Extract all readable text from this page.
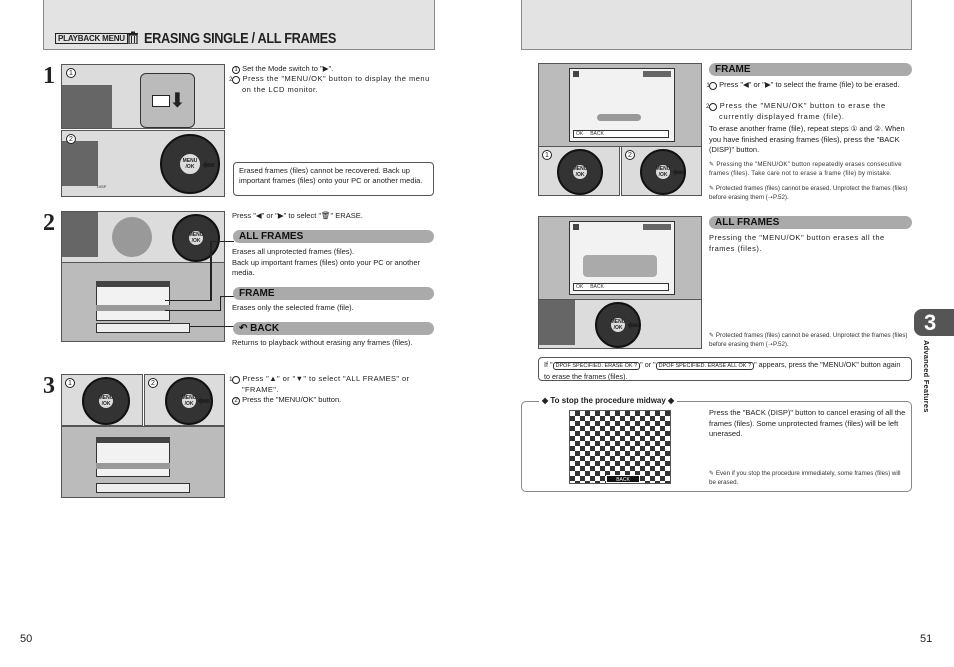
PLAYBACK MENU ERASING SINGLE / ALL FRAMES
1
⬇
1
MENU /OK ⬅
2
DISP
1 Set the Mode switch to "▶".
2 Press the "MENU/OK" button to display the menu on the LCD monitor.
Erased frames (files) cannot be recovered. Back up important frames (files) onto your PC or another media.
2	MENU /OK
Press "◀" or "▶" to select "🗑" ERASE.
ALL FRAMES
Erases all unprotected frames (files).
Back up important frames (files) onto your PC or another media.
FRAME
Erases only the selected frame (file).
↶ BACK
Returns to playback without erasing any frames (files).
3	MENU /OK
1
MENU /OK ⬅
2	1 Press "▲" or "▼" to select "ALL FRAMES" or "FRAME".
2 Press the "MENU/OK" button.
50
OK BACK
MENU /OK
1
MENU /OK ⬅
2
FRAME
1 Press "◀" or "▶" to select the frame (file) to be erased.
2 Press the "MENU/OK" button to erase the currently displayed frame (file).
To erase another frame (file), repeat steps ① and ②. When you have finished erasing frames (files), press the "BACK (DISP)" button.
✎ Pressing the "MENU/OK" button repeatedly erases consecutive frames (files). Take care not to erase a frame (file) by mistake.
✎ Protected frames (files) cannot be erased. Unprotect the frames (files) before erasing them (➝P.52).
OK BACK
MENU /OK ⬅
ALL FRAMES
Pressing the "MENU/OK" button erases all the frames (files).
✎ Protected frames (files) cannot be erased. Unprotect the frames (files) before erasing them (➝P.52).
If " DPOF SPECIFIED. ERASE OK ? " or " DPOF SPECIFIED. ERASE ALL OK ? " appears, press the "MENU/OK" button again to erase the frames (files).
◆ To stop the procedure midway ◆
BACK
Press the "BACK (DISP)" button to cancel erasing of all the frames (files). Some unprotected frames (files) will be left unerased.
✎ Even if you stop the procedure immediately, some frames (files) will be erased.
3
Advanced Features
51
